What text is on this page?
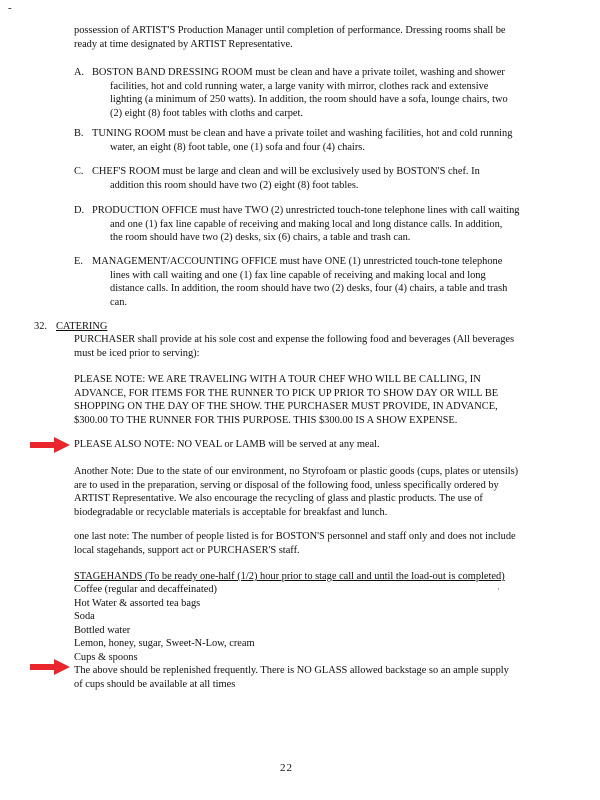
-
possession of ARTIST'S Production Manager until completion of performance. Dressing rooms shall be
ready at time designated by ARTIST Representative.
A. BOSTON BAND DRESSING ROOM must be clean and have a private toilet, washing and shower
facilities, hot and cold running water, a large vanity with mirror, clothes rack and extensive
lighting (a minimum of 250 watts). In addition, the room should have a sofa, lounge chairs, two
(2) eight (8) foot tables with cloths and carpet.
B. TUNING ROOM must be clean and have a private toilet and washing facilities, hot and cold running
water, an eight (8) foot table, one (1) sofa and four (4) chairs.
C. CHEF'S ROOM must be large and clean and will be exclusively used by BOSTON'S chef. In
addition this room should have two (2) eight (8) foot tables.
D. PRODUCTION OFFICE must have TWO (2) unrestricted touch-tone telephone lines with call waiting
and one (1) fax line capable of receiving and making local and long distance calls. In addition,
the room should have two (2) desks, six (6) chairs, a table and trash can.
E. MANAGEMENT/ACCOUNTING OFFICE must have ONE (1) unrestricted touch-tone telephone
lines with call waiting and one (1) fax line capable of receiving and making local and long
distance calls. In addition, the room should have two (2) desks, four (4) chairs, a table and trash
can.
32. CATERING
PURCHASER shall provide at his sole cost and expense the following food and beverages (All beverages
must be iced prior to serving):
PLEASE NOTE: WE ARE TRAVELING WITH A TOUR CHEF WHO WILL BE CALLING, IN
ADVANCE, FOR ITEMS FOR THE RUNNER TO PICK UP PRIOR TO SHOW DAY OR WILL BE
SHOPPING ON THE DAY OF THE SHOW. THE PURCHASER MUST PROVIDE, IN ADVANCE,
$300.00 TO THE RUNNER FOR THIS PURPOSE. THIS $300.00 IS A SHOW EXPENSE.
PLEASE ALSO NOTE: NO VEAL or LAMB will be served at any meal.
Another Note: Due to the state of our environment, no Styrofoam or plastic goods (cups, plates or utensils)
are to used in the preparation, serving or disposal of the following food, unless specifically ordered by
ARTIST Representative. We also encourage the recycling of glass and plastic products. The use of
biodegradable or recyclable materials is acceptable for breakfast and lunch.
one last note: The number of people listed is for BOSTON'S personnel and staff only and does not include
local stagehands, support act or PURCHASER'S staff.
STAGEHANDS (To be ready one-half (1/2) hour prior to stage call and until the load-out is completed)
·
Coffee (regular and decaffeinated)
Hot Water & assorted tea bags
Soda
Bottled water
Lemon, honey, sugar, Sweet-N-Low, cream
Cups & spoons
The above should be replenished frequently. There is NO GLASS allowed backstage so an ample supply
of cups should be available at all times
22
